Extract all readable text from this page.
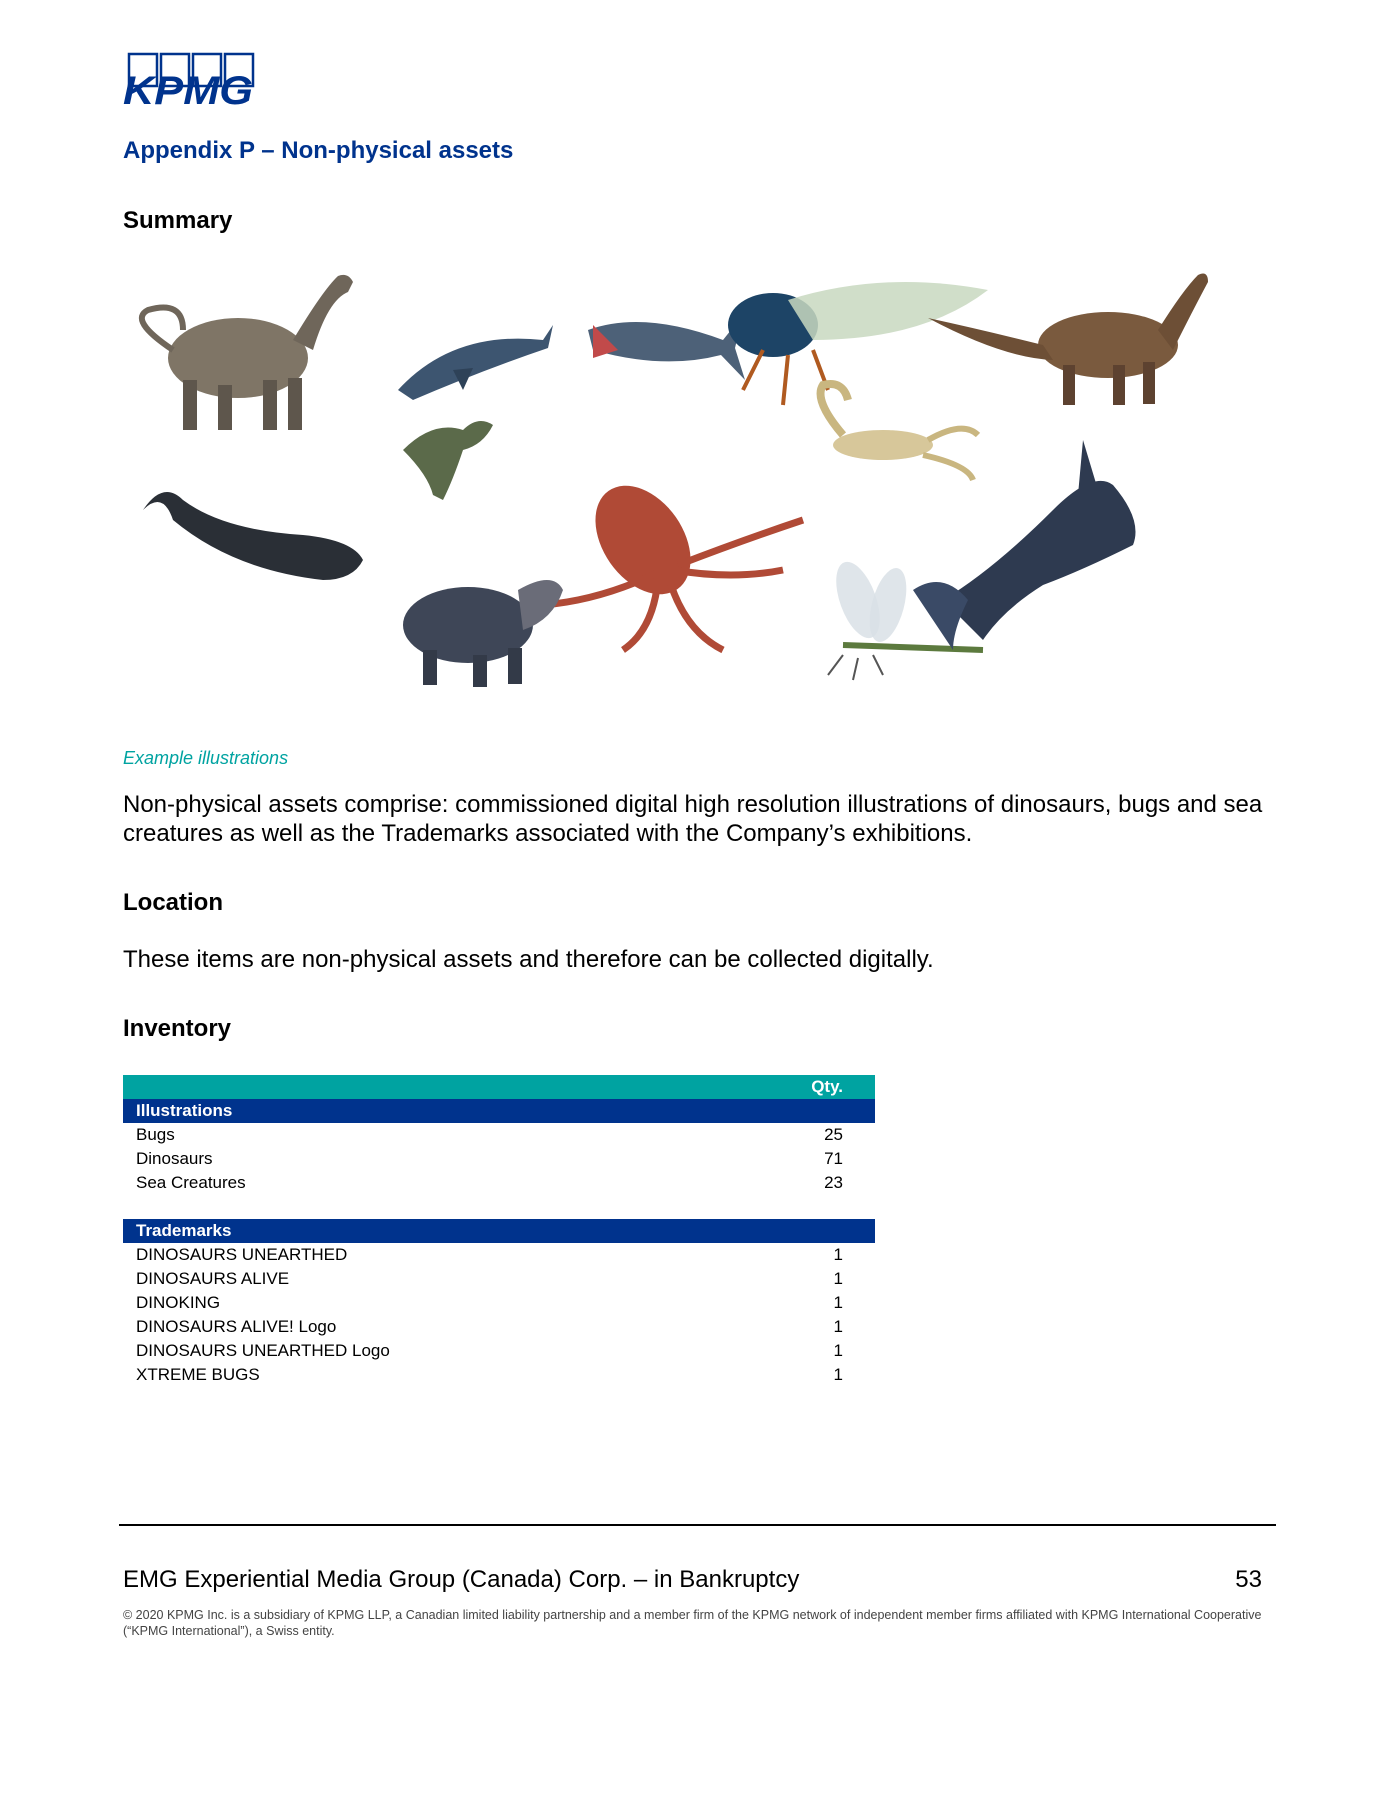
KPMG
Appendix P – Non-physical assets
Summary
Example illustrations
Non-physical assets comprise: commissioned digital high resolution illustrations of dinosaurs, bugs and sea creatures as well as the Trademarks associated with the Company’s exhibitions.
Location
These items are non-physical assets and therefore can be collected digitally.
Inventory
Qty.
Illustrations
Bugs	25
Dinosaurs	71
Sea Creatures	23
Trademarks
DINOSAURS UNEARTHED	1
DINOSAURS ALIVE	1
DINOKING	1
DINOSAURS ALIVE! Logo	1
DINOSAURS UNEARTHED Logo	1
XTREME BUGS	1
EMG Experiential Media Group (Canada) Corp. – in Bankruptcy	53
© 2020 KPMG Inc. is a subsidiary of KPMG LLP, a Canadian limited liability partnership and a member firm of the KPMG network of independent member firms affiliated with KPMG International Cooperative (“KPMG International”), a Swiss entity.
